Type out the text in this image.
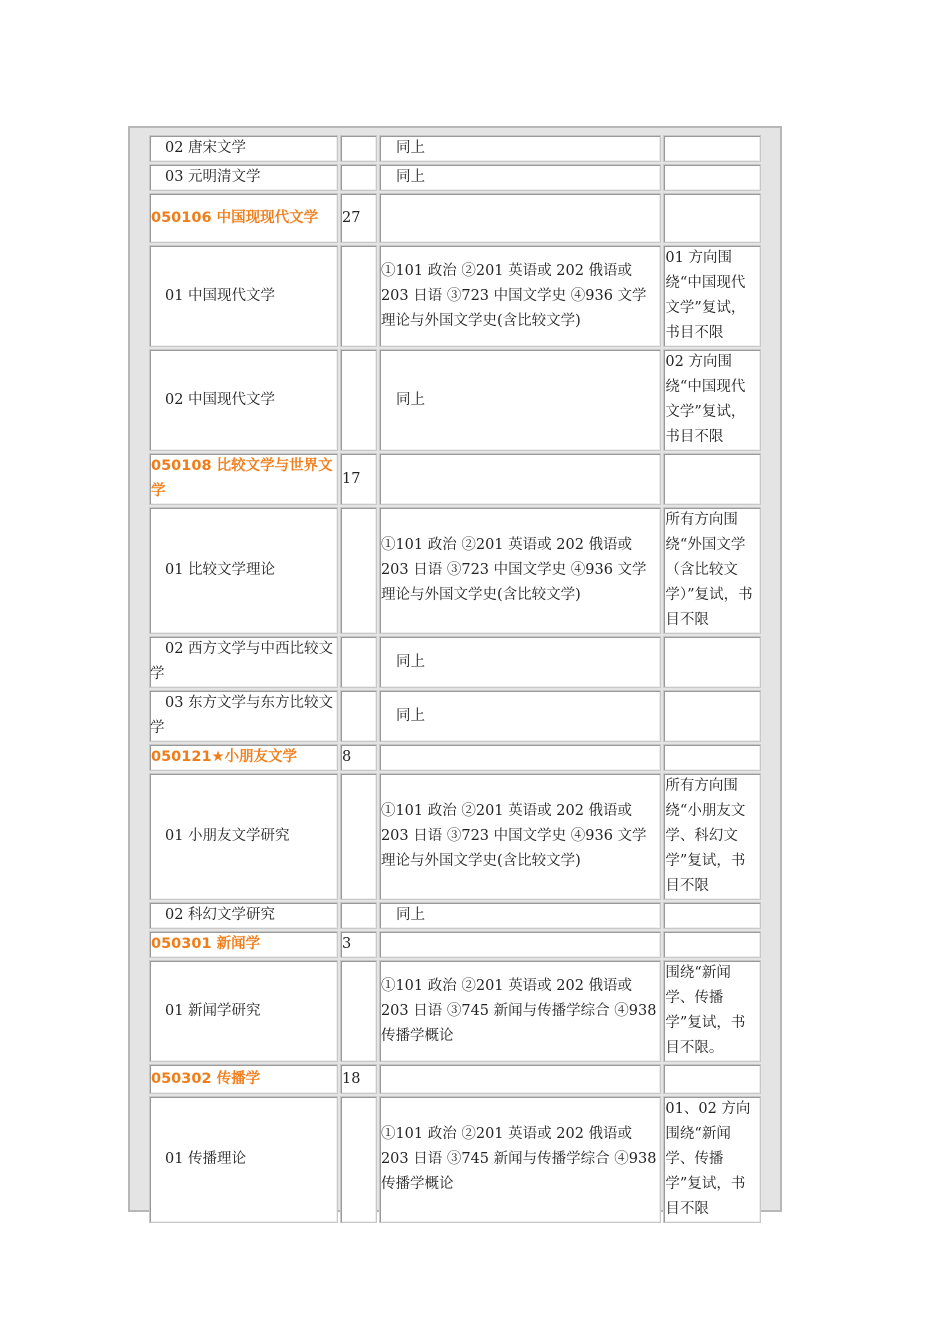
02 唐宋文学		同上	
03 元明清文学		同上	
050106 中国现现代文学	27		
01 中国现代文学		①101 政治 ②201 英语或 202 俄语或 203 日语 ③723 中国文学史 ④936 文学理论与外国文学史(含比较文学)	01 方向围绕“中国现代文学”复试，书目不限
02 中国现代文学		同上	02 方向围绕“中国现代文学”复试，书目不限
050108 比较文学与世界文学	17		
01 比较文学理论		①101 政治 ②201 英语或 202 俄语或 203 日语 ③723 中国文学史 ④936 文学理论与外国文学史(含比较文学)	所有方向围绕“外国文学（含比较文学）”复试，书目不限

02 西方文学与中西比较文学		同上	

03 东方文学与东方比较文学		同上	
050121★小朋友文学	8		
01 小朋友文学研究		①101 政治 ②201 英语或 202 俄语或 203 日语 ③723 中国文学史 ④936 文学理论与外国文学史(含比较文学)	所有方向围绕“小朋友文学、科幻文学”复试，书目不限
02 科幻文学研究		同上	
050301 新闻学	3		
01 新闻学研究		①101 政治 ②201 英语或 202 俄语或 203 日语 ③745 新闻与传播学综合 ④938 传播学概论	围绕“新闻学、传播学”复试，书目不限。
050302 传播学	18		
01 传播理论		①101 政治 ②201 英语或 202 俄语或 203 日语 ③745 新闻与传播学综合 ④938 传播学概论	01、02 方向围绕“新闻学、传播学”复试，书目不限
